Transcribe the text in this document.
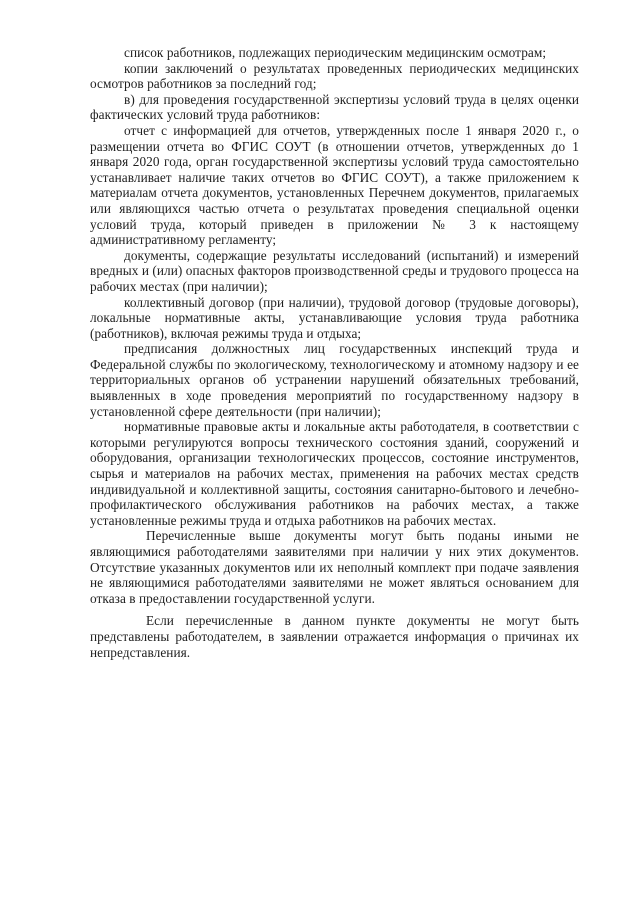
список работников, подлежащих периодическим медицинским осмотрам;

копии заключений о результатах проведенных периодических медицинских осмотров работников за последний год;

в) для проведения государственной экспертизы условий труда в целях оценки фактических условий труда работников:

отчет с информацией для отчетов, утвержденных после 1 января 2020 г., о размещении отчета во ФГИС СОУТ (в отношении отчетов, утвержденных до 1 января 2020 года, орган государственной экспертизы условий труда самостоятельно устанавливает наличие таких отчетов во ФГИС СОУТ), а также приложением к материалам отчета документов, установленных Перечнем документов, прилагаемых или являющихся частью отчета о результатах проведения специальной оценки условий труда, который приведен в приложении № 3 к настоящему административному регламенту;

документы, содержащие результаты исследований (испытаний) и измерений вредных и (или) опасных факторов производственной среды и трудового процесса на рабочих местах (при наличии);

коллективный договор (при наличии), трудовой договор (трудовые договоры), локальные нормативные акты, устанавливающие условия труда работника (работников), включая режимы труда и отдыха;

предписания должностных лиц государственных инспекций труда и Федеральной службы по экологическому, технологическому и атомному надзору и ее территориальных органов об устранении нарушений обязательных требований, выявленных в ходе проведения мероприятий по государственному надзору в установленной сфере деятельности (при наличии);

нормативные правовые акты и локальные акты работодателя, в соответствии с которыми регулируются вопросы технического состояния зданий, сооружений и оборудования, организации технологических процессов, состояние инструментов, сырья и материалов на рабочих местах, применения на рабочих местах средств индивидуальной и коллективной защиты, состояния санитарно-бытового и лечебно-профилактического обслуживания работников на рабочих местах, а также установленные режимы труда и отдыха работников на рабочих местах.

Перечисленные выше документы могут быть поданы иными не являющимися работодателями заявителями при наличии у них этих документов. Отсутствие указанных документов или их неполный комплект при подаче заявления не являющимися работодателями заявителями не может являться основанием для отказа в предоставлении государственной услуги.

Если перечисленные в данном пункте документы не могут быть представлены работодателем, в заявлении отражается информация о причинах их непредставления.
